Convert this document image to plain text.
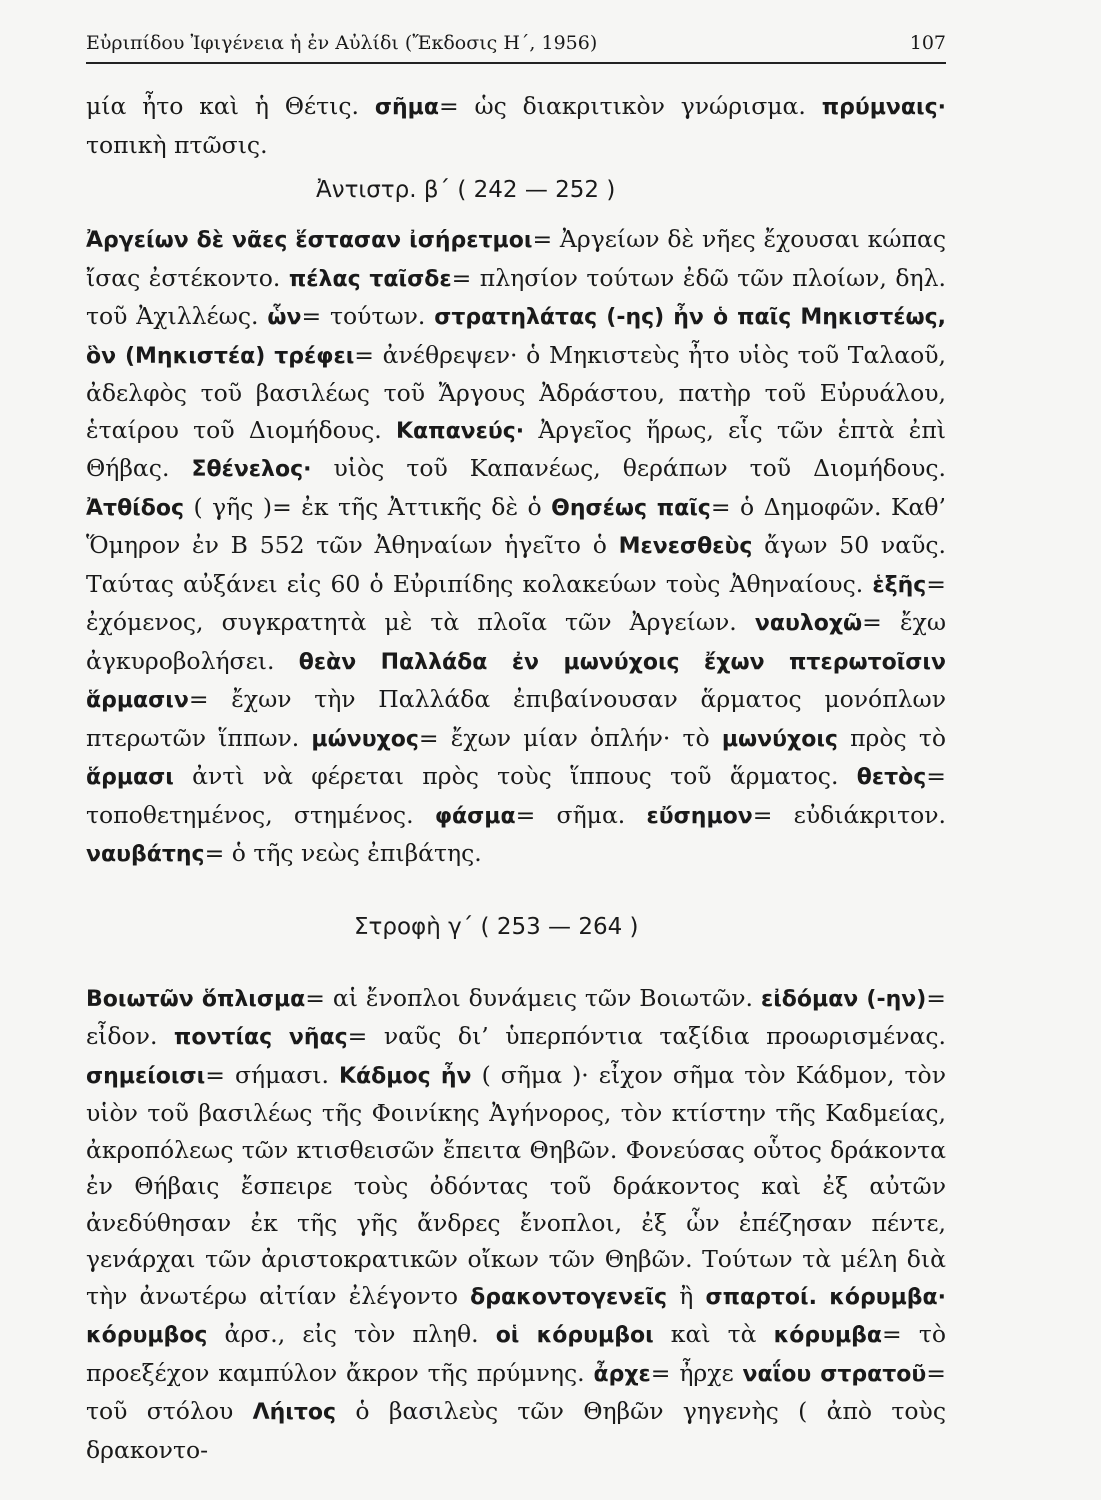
Εὐριπίδου Ἰφιγένεια ἡ ἐν Αὐλίδι (Ἔκδοσις Η΄, 1956)	107

μία ἦτο καὶ ἡ Θέτις. σῆμα= ὡς διακριτικὸν γνώρισμα. πρύμναις· τοπικὴ πτῶσις.

Ἀντιστρ. β΄ ( 242 — 252 )

Ἀργείων δὲ νᾶες ἕστασαν ἰσήρετμοι= Ἀργείων δὲ νῆες ἔχουσαι κώπας ἴσας ἐστέκοντο. πέλας ταῖσδε= πλησίον τούτων ἐδῶ τῶν πλοίων, δηλ. τοῦ Ἀχιλλέως. ὧν= τούτων. στρατηλάτας (-ης) ἦν ὁ παῖς Μηκιστέως, ὃν (Μηκιστέα) τρέφει= ἀνέθρεψεν· ὁ Μηκιστεὺς ἦτο υἱὸς τοῦ Ταλαοῦ, ἀδελφὸς τοῦ βασιλέως τοῦ Ἄργους Ἀδράστου, πατὴρ τοῦ Εὐρυάλου, ἑταίρου τοῦ Διομήδους. Καπανεύς· Ἀργεῖος ἥρως, εἷς τῶν ἑπτὰ ἐπὶ Θήβας. Σθένελος· υἱὸς τοῦ Καπανέως, θεράπων τοῦ Διομήδους. Ἀτθίδος ( γῆς )= ἐκ τῆς Ἀττικῆς δὲ ὁ Θησέως παῖς= ὁ Δημοφῶν. Καθ’ Ὅμηρον ἐν Β 552 τῶν Ἀθηναίων ἡγεῖτο ὁ Μενεσθεὺς ἄγων 50 ναῦς. Ταύτας αὐξάνει εἰς 60 ὁ Εὐριπίδης κολακεύων τοὺς Ἀθηναίους. ἑξῆς= ἐχόμενος, συγκρατητὰ μὲ τὰ πλοῖα τῶν Ἀργείων. ναυλοχῶ= ἔχω ἀγκυροβολήσει. θεὰν Παλλάδα ἐν μωνύχοις ἔχων πτερωτοῖσιν ἅρμασιν= ἔχων τὴν Παλλάδα ἐπιβαίνουσαν ἅρματος μονόπλων πτερωτῶν ἵππων. μώνυχος= ἔχων μίαν ὁπλήν· τὸ μωνύχοις πρὸς τὸ ἅρμασι ἀντὶ νὰ φέρεται πρὸς τοὺς ἵππους τοῦ ἅρματος. θετὸς= τοποθετημένος, στημένος. φάσμα= σῆμα. εὔσημον= εὐδιάκριτον. ναυβάτης= ὁ τῆς νεὼς ἐπιβάτης.

Στροφὴ γ΄ ( 253 — 264 )

Βοιωτῶν ὅπλισμα= αἱ ἔνοπλοι δυνάμεις τῶν Βοιωτῶν. εἰδόμαν (-ην)= εἶδον. ποντίας νῆας= ναῦς δι’ ὑπερπόντια ταξίδια προωρισμένας. σημείοισι= σήμασι. Κάδμος ἦν ( σῆμα )· εἶχον σῆμα τὸν Κάδμον, τὸν υἱὸν τοῦ βασιλέως τῆς Φοινίκης Ἀγήνορος, τὸν κτίστην τῆς Καδμείας, ἀκροπόλεως τῶν κτισθεισῶν ἔπειτα Θηβῶν. Φονεύσας οὗτος δράκοντα ἐν Θήβαις ἔσπειρε τοὺς ὀδόντας τοῦ δράκοντος καὶ ἐξ αὐτῶν ἀνεδύθησαν ἐκ τῆς γῆς ἄνδρες ἔνοπλοι, ἐξ ὧν ἐπέζησαν πέντε, γενάρχαι τῶν ἀριστοκρατικῶν οἴκων τῶν Θηβῶν. Τούτων τὰ μέλη διὰ τὴν ἀνωτέρω αἰτίαν ἐλέγοντο δρακοντογενεῖς ἢ σπαρτοί. κόρυμβα· κόρυμβος ἀρσ., εἰς τὸν πληθ. οἱ κόρυμβοι καὶ τὰ κόρυμβα= τὸ προεξέχον καμπύλον ἄκρον τῆς πρύμνης. ἆρχε= ἦρχε ναΐου στρατοῦ= τοῦ στόλου Λήιτος ὁ βασιλεὺς τῶν Θηβῶν γηγενὴς ( ἀπὸ τοὺς δρακοντο-
